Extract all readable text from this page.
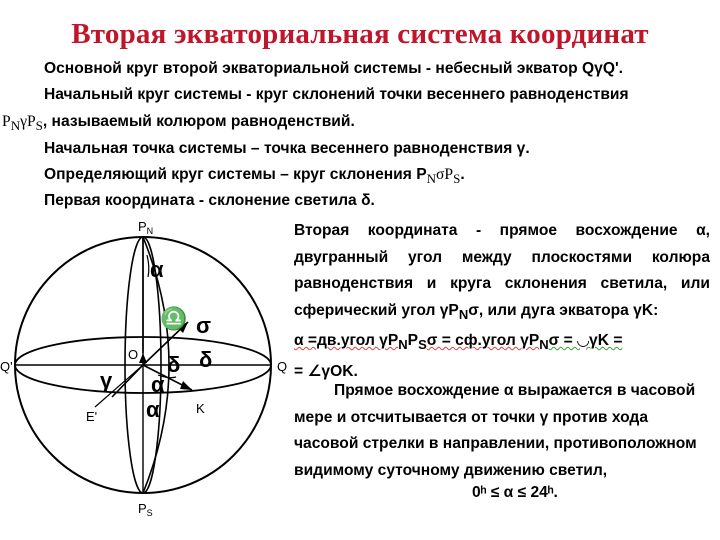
Вторая экваториальная система координат
Основной круг второй экваториальной системы - небесный экватор QγQ'.
Начальный круг системы - круг склонений точки весеннего равноденствия
$P_N\gamma P_S$, называемый колюром равноденствий.
Начальная точка системы – точка весеннего равноденствия γ.
Определяющий круг системы – круг склонения $P_N\sigma P_S$.
Первая координата - склонение светила δ.
Вторая координата - прямое восхождение α, двугранный угол между плоскостями колюра равноденствия и круга склонения светила, или сферический угол $\gamma P_N\sigma$, или дуга экватора γK:
α =дв.угол $\gamma P_NP_S\sigma$ = сф.угол $\gamma P_N\sigma$ = ◡γK =
= ∠γOK.
Прямое восхождение α выражается в часовой мере и отсчитывается от точки γ против хода часовой стрелки в направлении, противоположном видимому суточному движению светил,
0ʰ ≤ α ≤ 24ʰ.
$P_N$
$P_S$
Q'	Q
O
E'
K
α
α
α
γ
σ
δ δ
♎
